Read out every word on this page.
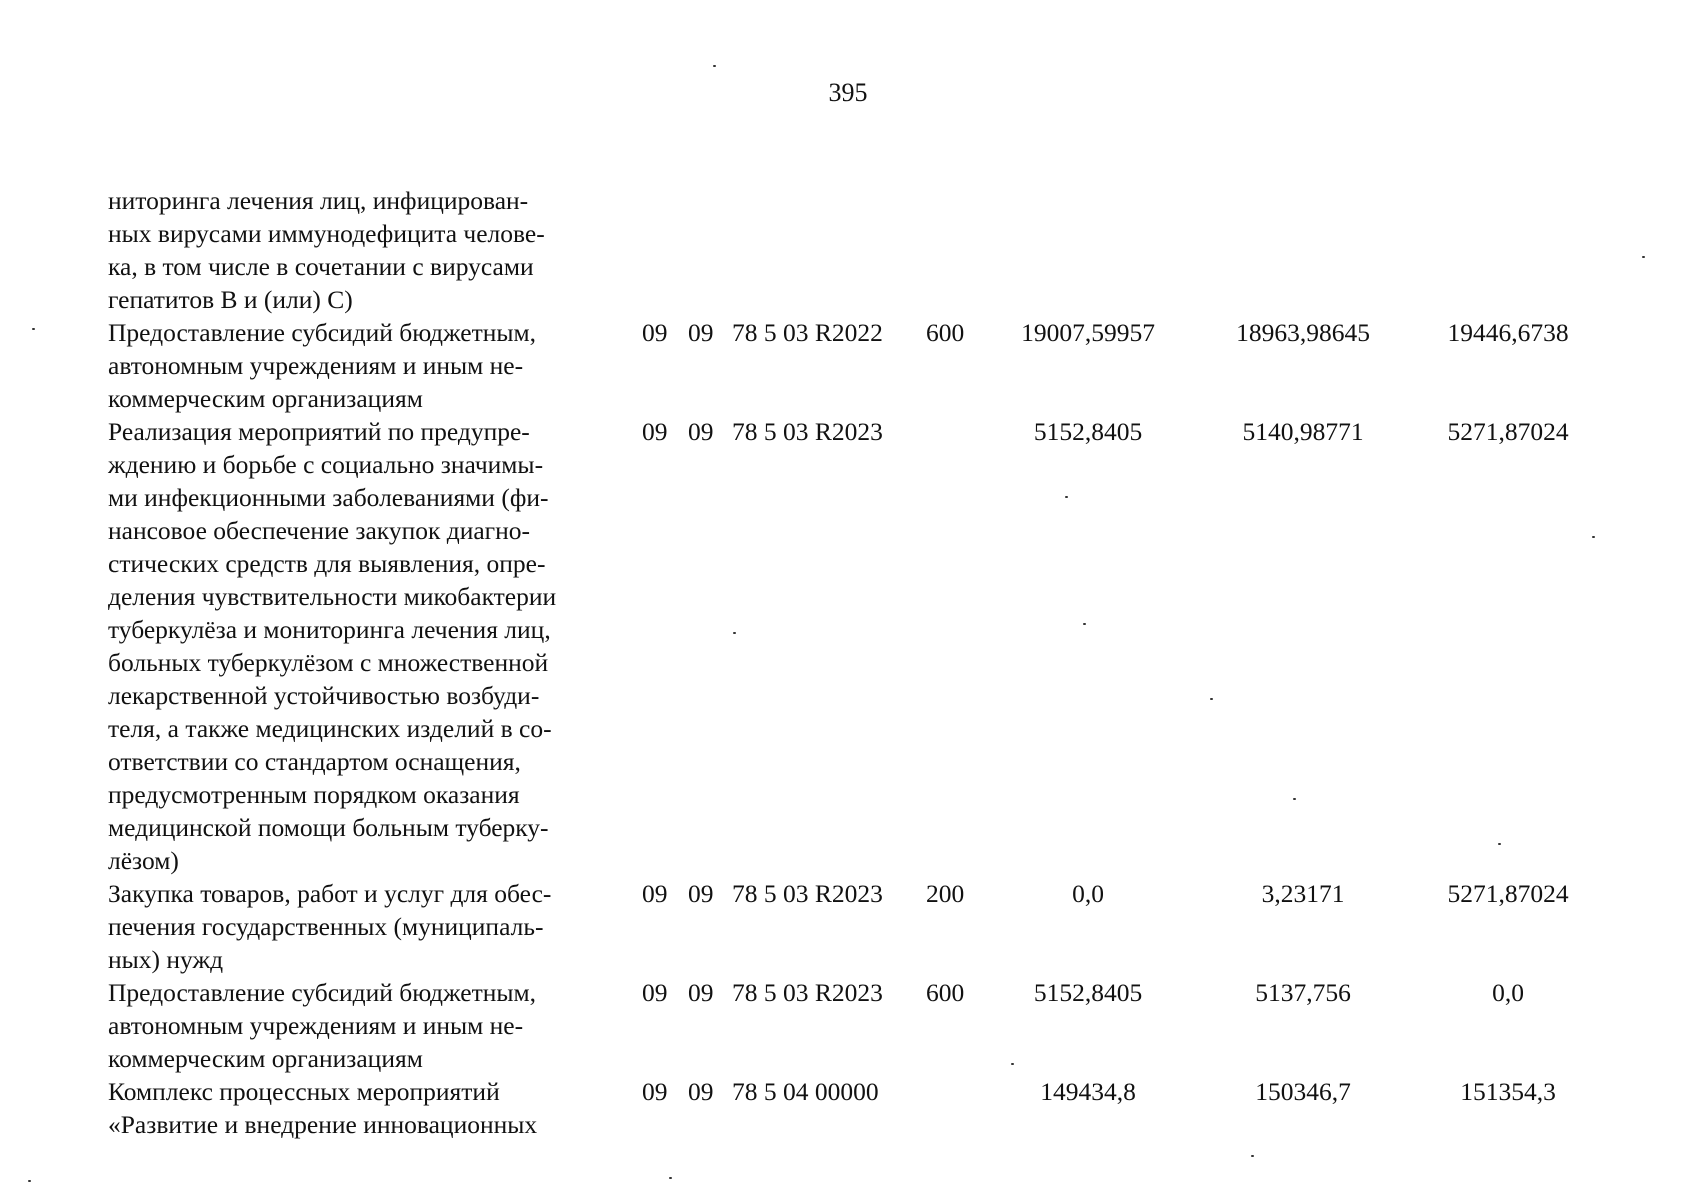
395
ниторинга лечения лиц, инфицирован-
ных вирусами иммунодефицита челове-
ка, в том числе в сочетании с вирусами
гепатитов В и (или) С)
Предоставление субсидий бюджетным,
автономным учреждениям и иным не-
коммерческим организациям
09 09 78 5 03 R2022 600	19007,59957	18963,98645	19446,6738
Реализация мероприятий по предупре-
ждению и борьбе с социально значимы-
ми инфекционными заболеваниями (фи-
нансовое обеспечение закупок диагно-
стических средств для выявления, опре-
деления чувствительности микобактерии
туберкулёза и мониторинга лечения лиц,
больных туберкулёзом с множественной
лекарственной устойчивостью возбуди-
теля, а также медицинских изделий в со-
ответствии со стандартом оснащения,
предусмотренным порядком оказания
медицинской помощи больным туберку-
лёзом)
09 09 78 5 03 R2023	5152,8405	5140,98771	5271,87024
Закупка товаров, работ и услуг для обес-
печения государственных (муниципаль-
ных) нужд
09 09 78 5 03 R2023 200	0,0	3,23171	5271,87024
Предоставление субсидий бюджетным,
автономным учреждениям и иным не-
коммерческим организациям
09 09 78 5 03 R2023 600	5152,8405	5137,756	0,0
Комплекс процессных мероприятий
«Развитие и внедрение инновационных
09 09 78 5 04 00000	149434,8	150346,7	151354,3
